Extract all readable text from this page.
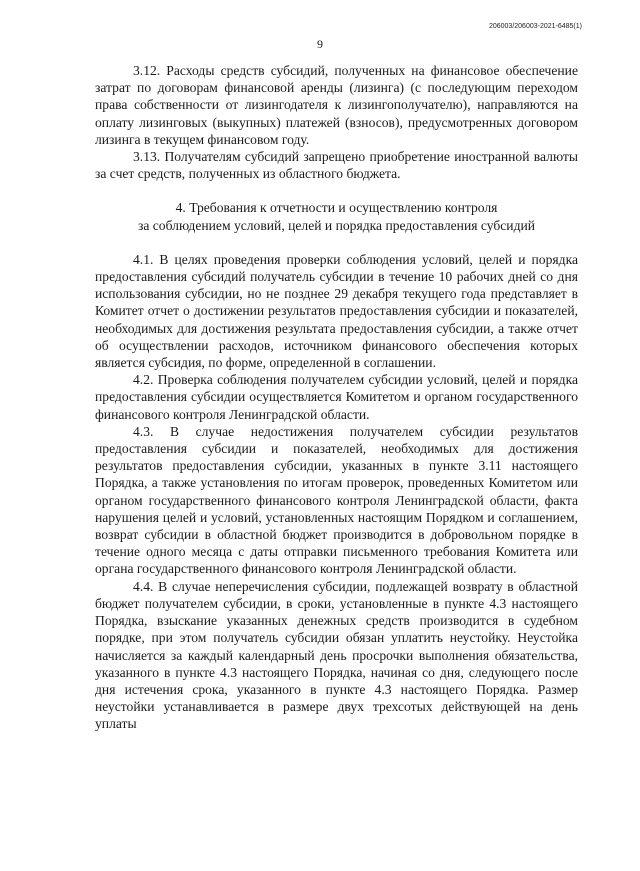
206003/206003-2021-6485(1)
9

3.12. Расходы средств субсидий, полученных на финансовое обеспечение затрат по договорам финансовой аренды (лизинга) (с последующим переходом права собственности от лизингодателя к лизингополучателю), направляются на оплату лизинговых (выкупных) платежей (взносов), предусмотренных договором лизинга в текущем финансовом году.

3.13. Получателям субсидий запрещено приобретение иностранной валюты за счет средств, полученных из областного бюджета.

4. Требования к отчетности и осуществлению контроля
за соблюдением условий, целей и порядка предоставления субсидий

4.1. В целях проведения проверки соблюдения условий, целей и порядка предоставления субсидий получатель субсидии в течение 10 рабочих дней со дня использования субсидии, но не позднее 29 декабря текущего года представляет в Комитет отчет о достижении результатов предоставления субсидии и показателей, необходимых для достижения результата предоставления субсидии, а также отчет об осуществлении расходов, источником финансового обеспечения которых является субсидия, по форме, определенной в соглашении.

4.2. Проверка соблюдения получателем субсидии условий, целей и порядка предоставления субсидии осуществляется Комитетом и органом государственного финансового контроля Ленинградской области.

4.3. В случае недостижения получателем субсидии результатов предоставления субсидии и показателей, необходимых для достижения результатов предоставления субсидии, указанных в пункте 3.11 настоящего Порядка, а также установления по итогам проверок, проведенных Комитетом или органом государственного финансового контроля Ленинградской области, факта нарушения целей и условий, установленных настоящим Порядком и соглашением, возврат субсидии в областной бюджет производится в добровольном порядке в течение одного месяца с даты отправки письменного требования Комитета или органа государственного финансового контроля Ленинградской области.

4.4. В случае неперечисления субсидии, подлежащей возврату в областной бюджет получателем субсидии, в сроки, установленные в пункте 4.3 настоящего Порядка, взыскание указанных денежных средств производится в судебном порядке, при этом получатель субсидии обязан уплатить неустойку. Неустойка начисляется за каждый календарный день просрочки выполнения обязательства, указанного в пункте 4.3 настоящего Порядка, начиная со дня, следующего после дня истечения срока, указанного в пункте 4.3 настоящего Порядка. Размер неустойки устанавливается в размере двух трехсотых действующей на день уплаты
